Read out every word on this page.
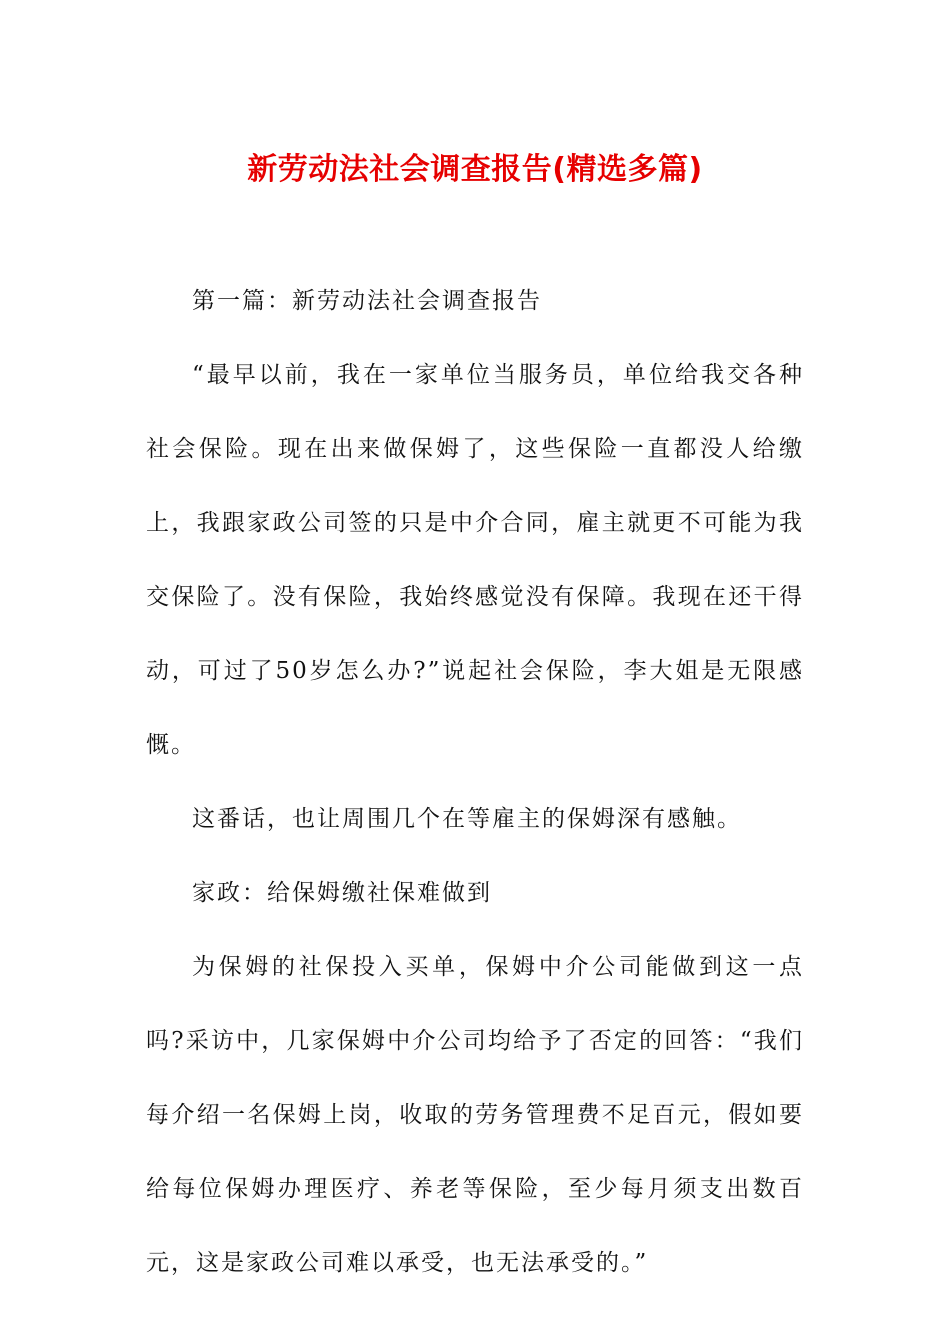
新劳动法社会调查报告(精选多篇)

第一篇：新劳动法社会调查报告

“最早以前，我在一家单位当服务员，单位给我交各种社会保险。现在出来做保姆了，这些保险一直都没人给缴上，我跟家政公司签的只是中介合同，雇主就更不可能为我交保险了。没有保险，我始终感觉没有保障。我现在还干得动，可过了50岁怎么办?”说起社会保险，李大姐是无限感慨。

这番话，也让周围几个在等雇主的保姆深有感触。

家政：给保姆缴社保难做到

为保姆的社保投入买单，保姆中介公司能做到这一点吗?采访中，几家保姆中介公司均给予了否定的回答：“我们每介绍一名保姆上岗，收取的劳务管理费不足百元，假如要给每位保姆办理医疗、养老等保险，至少每月须支出数百元，这是家政公司难以承受，也无法承受的。”
